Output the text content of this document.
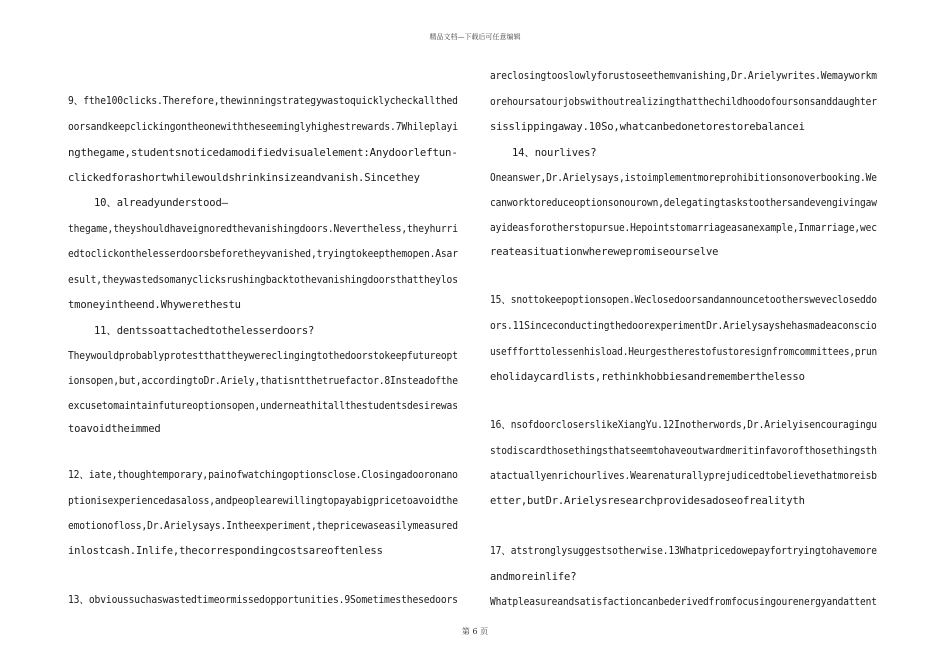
精品文档—下载后可任意编辑
9、fthe100clicks.Therefore,thewinningstrategywastoquicklycheckallthed
oorsandkeepclickingontheonewiththeseeminglyhighestrewards.7Whileplayi
ngthegame,studentsnoticedamodifiedvisualelement:Anydoorleftun-
clickedforashortwhilewouldshrinkinsizeandvanish.Sincethey
10、alreadyunderstood—
thegame,theyshouldhaveignoredthevanishingdoors.Nevertheless,theyhurri
edtoclickonthelesserdoorsbeforetheyvanished,tryingtokeepthemopen.Asar
esult,theywastedsomanyclicksrushingbacktothevanishingdoorsthattheylos
tmoneyintheend.Whywerethestu
11、dentssoattachedtothelesserdoors?
Theywouldprobablyprotestthattheywereclingingtothedoorstokeepfutureopt
ionsopen,but,accordingtoDr.Ariely,thatisntthetruefactor.8Insteadofthe
excusetomaintainfutureoptionsopen,underneathitallthestudentsdesirewas
toavoidtheimmed
12、iate,thoughtemporary,painofwatchingoptionsclose.Closingadooronano
ptionisexperiencedasaloss,andpeoplearewillingtopayabigpricetoavoidthe
emotionofloss,Dr.Arielysays.Intheexperiment,thepricewaseasilymeasured
inlostcash.Inlife,thecorrespondingcostsareoftenless
13、obvioussuchaswastedtimeormissedopportunities.9Sometimesthesedoors
areclosingtooslowlyforustoseethemvanishing,Dr.Arielywrites.Wemayworkm
orehoursatourjobswithoutrealizingthatthechildhoodofoursonsanddaughter
sisslippingaway.10So,whatcanbedonetorestorebalancei
14、nourlives?
Oneanswer,Dr.Arielysays,istoimplementmoreprohibitionsonoverbooking.We
canworktoreduceoptionsonourown,delegatingtaskstoothersandevengivingaw
ayideasforotherstopursue.Hepointstomarriageasanexample,Inmarriage,wec
reateasituationwherewepromiseourselve
15、snottokeepoptionsopen.Weclosedoorsandannouncetootherswevecloseddo
ors.11SinceconductingthedoorexperimentDr.Arielysayshehasmadeaconscio
useffforttolessenhisload.Heurgestherestofustoresignfromcommittees,prun
eholidaycardlists,rethinkhobbiesandrememberthelesso
16、nsofdoorcloserslikeXiangYu.12Inotherwords,Dr.Arielyisencouragingu
stodiscardthosethingsthatseemtohaveoutwardmeritinfavorofthosethingsth
atactuallyenrichourlives.Wearenaturallyprejudicedtobelievethatmoreisb
etter,butDr.Arielysresearchprovidesadoseofrealityth
17、atstronglysuggestsotherwise.13Whatpricedowepayfortryingtohavemore
andmoreinlife?
Whatpleasureandsatisfactioncanbederivedfromfocusingourenergyandattent
第 6 页
